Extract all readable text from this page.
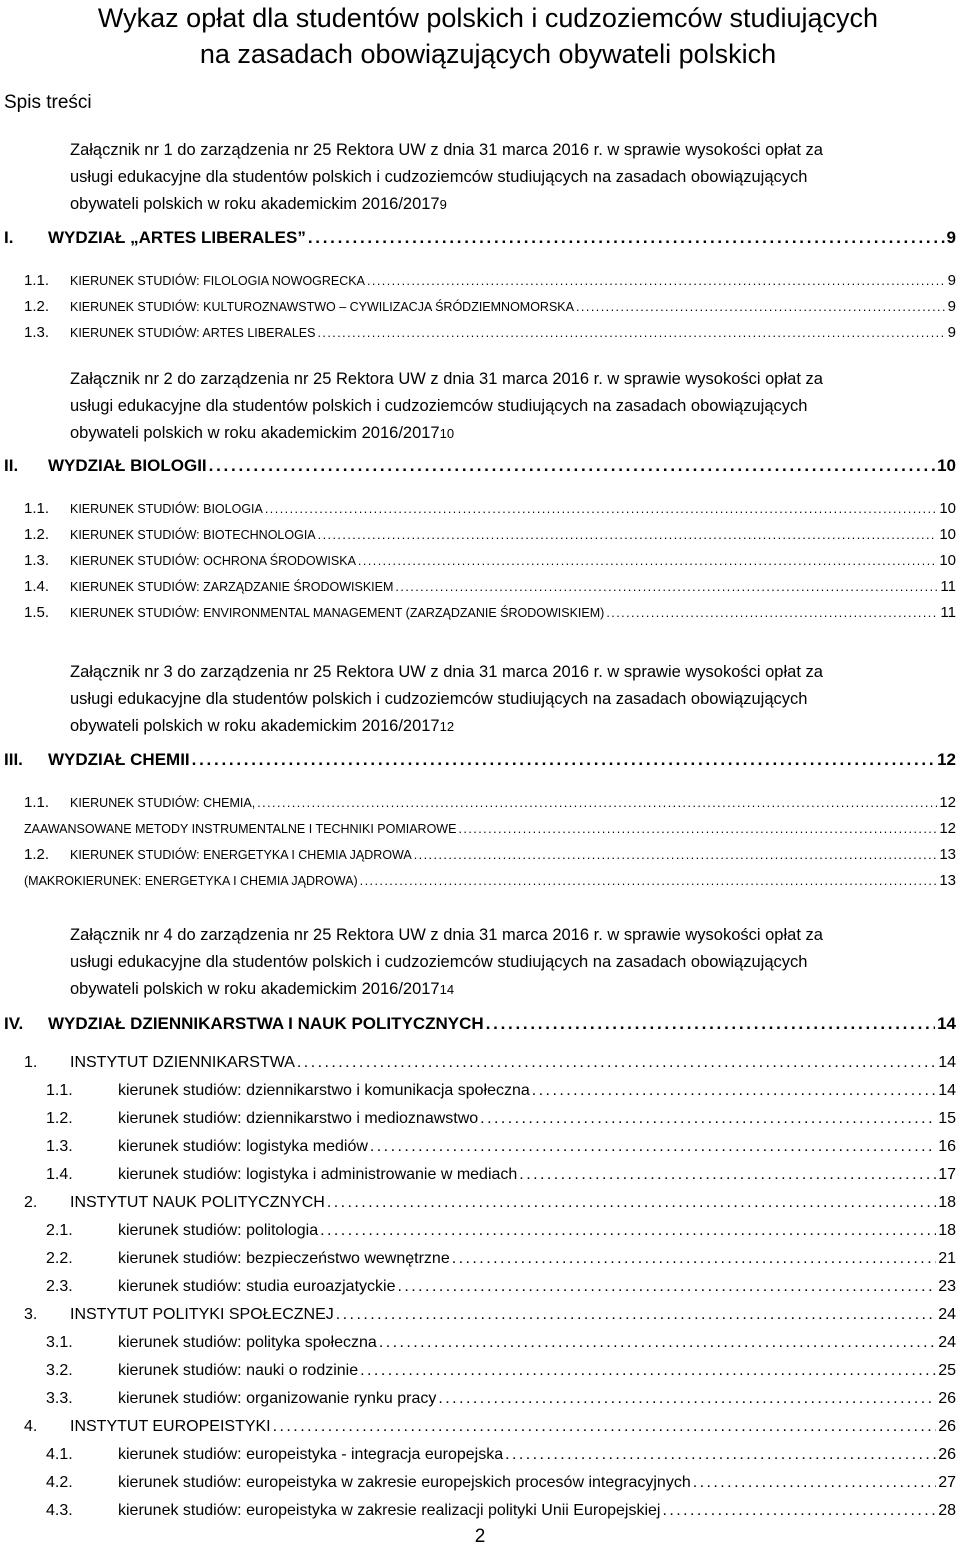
Wykaz opłat dla studentów polskich i cudzoziemców studiujących
na zasadach obowiązujących obywateli polskich
Spis treści
Załącznik nr 1 do zarządzenia nr 25 Rektora UW z dnia 31 marca 2016 r. w sprawie wysokości opłat za
usługi edukacyjne dla studentów polskich i cudzoziemców studiujących na zasadach obowiązujących
obywateli polskich w roku akademickim 2016/2017 9
Załącznik nr 2 do zarządzenia nr 25 Rektora UW z dnia 31 marca 2016 r. w sprawie wysokości opłat za
usługi edukacyjne dla studentów polskich i cudzoziemców studiujących na zasadach obowiązujących
obywateli polskich w roku akademickim 2016/2017 10
Załącznik nr 3 do zarządzenia nr 25 Rektora UW z dnia 31 marca 2016 r. w sprawie wysokości opłat za
usługi edukacyjne dla studentów polskich i cudzoziemców studiujących na zasadach obowiązujących
obywateli polskich w roku akademickim 2016/2017 12
Załącznik nr 4 do zarządzenia nr 25 Rektora UW z dnia 31 marca 2016 r. w sprawie wysokości opłat za
usługi edukacyjne dla studentów polskich i cudzoziemców studiujących na zasadach obowiązujących
obywateli polskich w roku akademickim 2016/2017 14
I.	WYDZIAŁ „ARTES LIBERALES” . . .	9
1.1.	KIERUNEK STUDIÓW: FILOLOGIA NOWOGRECKA . . .	9
1.2.	KIERUNEK STUDIÓW: KULTUROZNAWSTWO – CYWILIZACJA ŚRÓDZIEMNOMORSKA . . .	9
1.3.	KIERUNEK STUDIÓW: ARTES LIBERALES . . .	9
II.	WYDZIAŁ BIOLOGII . . .	10
1.1.	KIERUNEK STUDIÓW: BIOLOGIA . . .	10
1.2.	KIERUNEK STUDIÓW: BIOTECHNOLOGIA . . .	10
1.3.	KIERUNEK STUDIÓW: OCHRONA ŚRODOWISKA . . .	10
1.4.	KIERUNEK STUDIÓW: ZARZĄDZANIE ŚRODOWISKIEM . . .	11
1.5.	KIERUNEK STUDIÓW: ENVIRONMENTAL MANAGEMENT (ZARZĄDZANIE ŚRODOWISKIEM) . . .	11
III.	WYDZIAŁ CHEMII . . .	12
1.1.	KIERUNEK STUDIÓW: CHEMIA, . . .	12
ZAAWANSOWANE METODY INSTRUMENTALNE I TECHNIKI POMIAROWE . . .	12
1.2.	KIERUNEK STUDIÓW: ENERGETYKA I CHEMIA JĄDROWA . . .	13
(MAKROKIERUNEK: ENERGETYKA I CHEMIA JĄDROWA) . . .	13
IV.	WYDZIAŁ DZIENNIKARSTWA I NAUK POLITYCZNYCH . . .	14
1.	INSTYTUT DZIENNIKARSTWA . . .	14
1.1.	kierunek studiów: dziennikarstwo i komunikacja społeczna . . .	14
1.2.	kierunek studiów: dziennikarstwo i medioznawstwo . . .	15
1.3.	kierunek studiów: logistyka mediów . . .	16
1.4.	kierunek studiów: logistyka i administrowanie w mediach . . .	17
2.	INSTYTUT NAUK POLITYCZNYCH . . .	18
2.1.	kierunek studiów: politologia . . .	18
2.2.	kierunek studiów: bezpieczeństwo wewnętrzne . . .	21
2.3.	kierunek studiów: studia euroazjatyckie . . .	23
3.	INSTYTUT POLITYKI SPOŁECZNEJ . . .	24
3.1.	kierunek studiów: polityka społeczna . . .	24
3.2.	kierunek studiów: nauki o rodzinie . . .	25
3.3.	kierunek studiów: organizowanie rynku pracy . . .	26
4.	INSTYTUT EUROPEISTYKI . . .	26
4.1.	kierunek studiów: europeistyka - integracja europejska . . .	26
4.2.	kierunek studiów: europeistyka w zakresie europejskich procesów integracyjnych . . .	27
4.3.	kierunek studiów: europeistyka w zakresie realizacji polityki Unii Europejskiej . . .	28
2
